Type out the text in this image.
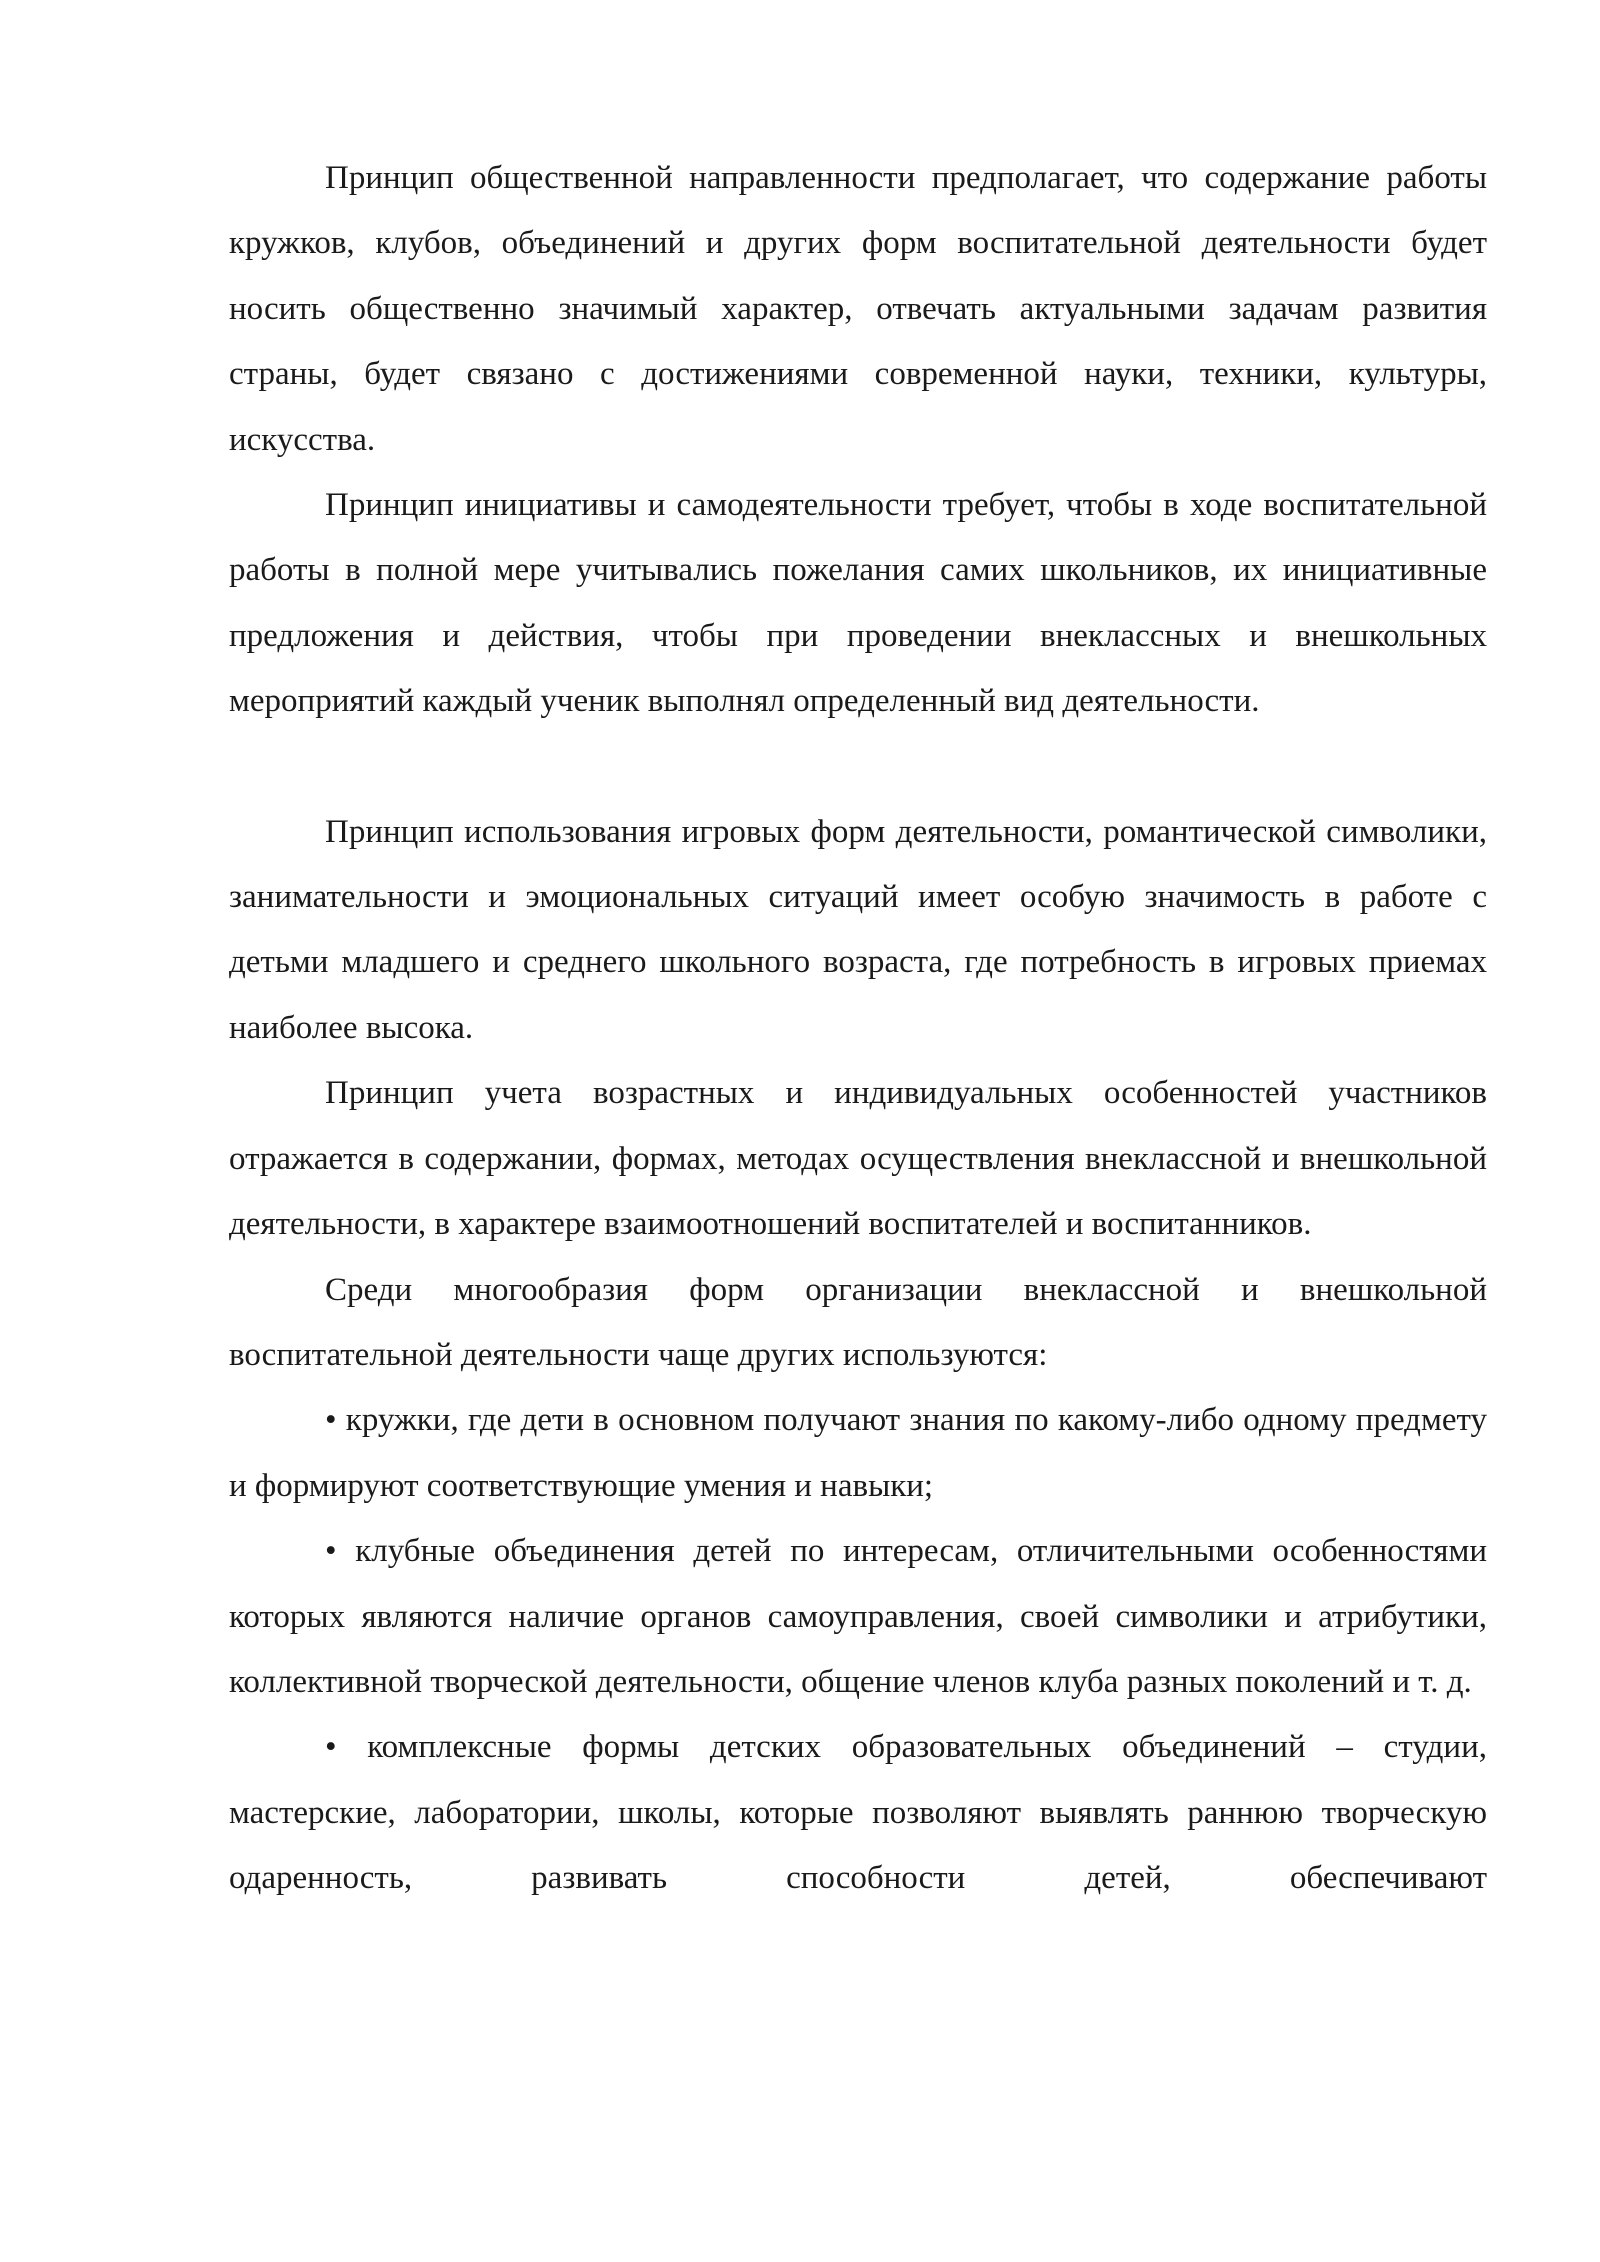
Принцип общественной направленности предполагает, что содержание работы кружков, клубов, объединений и других форм воспитательной деятельности будет носить общественно значимый характер, отвечать актуальными задачам развития страны, будет связано с достижениями современной науки, техники, культуры, искусства.

Принцип инициативы и самодеятельности требует, чтобы в ходе воспитательной работы в полной мере учитывались пожелания самих школьников, их инициативные предложения и действия, чтобы при проведении внеклассных и внешкольных мероприятий каждый ученик выполнял определенный вид деятельности.

Принцип использования игровых форм деятельности, романтической символики, занимательности и эмоциональных ситуаций имеет особую значимость в работе с детьми младшего и среднего школьного возраста, где потребность в игровых приемах наиболее высока.

Принцип учета возрастных и индивидуальных особенностей участников отражается в содержании, формах, методах осуществления внеклассной и внешкольной деятельности, в характере взаимоотношений воспитателей и воспитанников.

Среди многообразия форм организации внеклассной и внешкольной воспитательной деятельности чаще других используются:

• кружки, где дети в основном получают знания по какому-либо одному предмету и формируют соответствующие умения и навыки;

• клубные объединения детей по интересам, отличительными особенностями которых являются наличие органов самоуправления, своей символики и атрибутики, коллективной творческой деятельности, общение членов клуба разных поколений и т. д.

• комплексные формы детских образовательных объединений – студии, мастерские, лаборатории, школы, которые позволяют выявлять раннюю творческую одаренность, развивать способности детей, обеспечивают
